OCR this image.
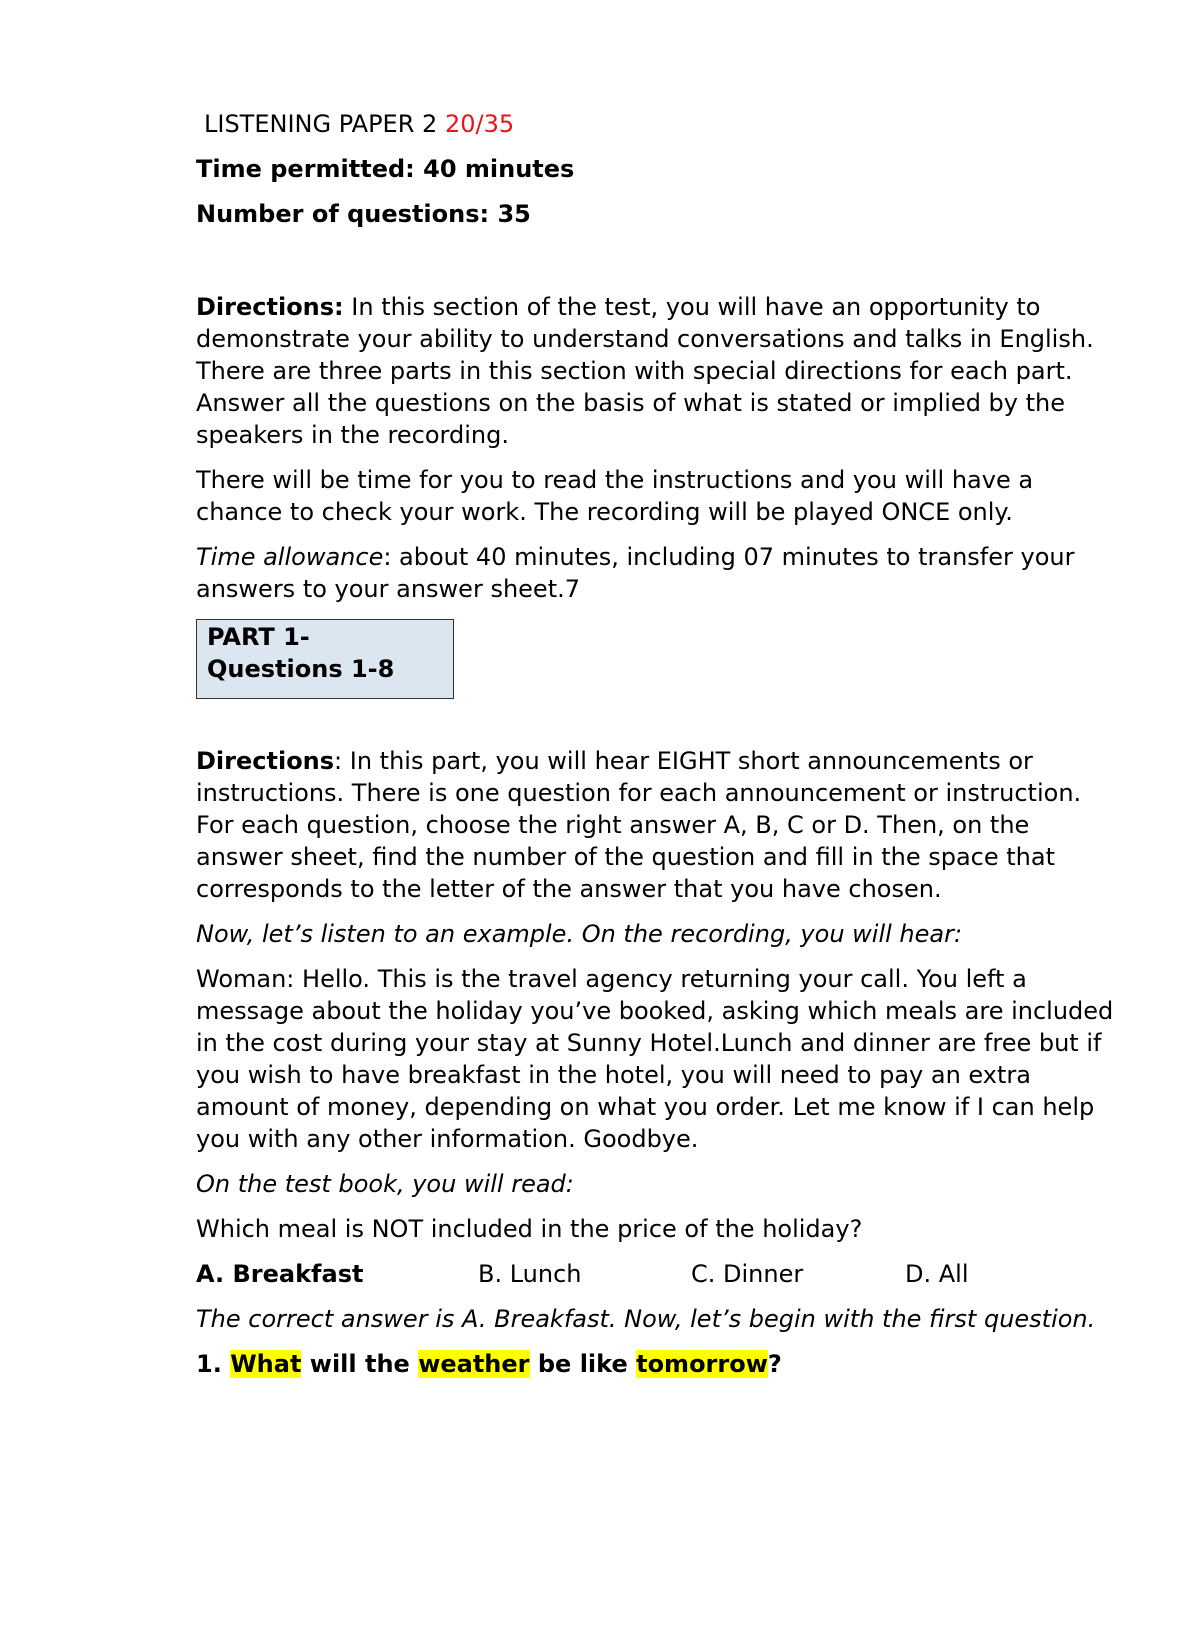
LISTENING PAPER 2 20/35

Time permitted: 40 minutes

Number of questions: 35

Directions: In this section of the test, you will have an opportunity to demonstrate your ability to understand conversations and talks in English. There are three parts in this section with special directions for each part. Answer all the questions on the basis of what is stated or implied by the speakers in the recording.

There will be time for you to read the instructions and you will have a chance to check your work. The recording will be played ONCE only.

Time allowance: about 40 minutes, including 07 minutes to transfer your answers to your answer sheet.7

PART 1-
Questions 1-8

Directions: In this part, you will hear EIGHT short announcements or instructions. There is one question for each announcement or instruction. For each question, choose the right answer A, B, C or D. Then, on the answer sheet, find the number of the question and fill in the space that corresponds to the letter of the answer that you have chosen.

Now, let’s listen to an example. On the recording, you will hear:

Woman: Hello. This is the travel agency returning your call. You left a message about the holiday you’ve booked, asking which meals are included in the cost during your stay at Sunny Hotel.Lunch and dinner are free but if you wish to have breakfast in the hotel, you will need to pay an extra amount of money, depending on what you order. Let me know if I can help you with any other information. Goodbye.

On the test book, you will read:

Which meal is NOT included in the price of the holiday?

A. Breakfast	B. Lunch	C. Dinner	D. All

The correct answer is A. Breakfast. Now, let’s begin with the first question.

1. What will the weather be like tomorrow?
